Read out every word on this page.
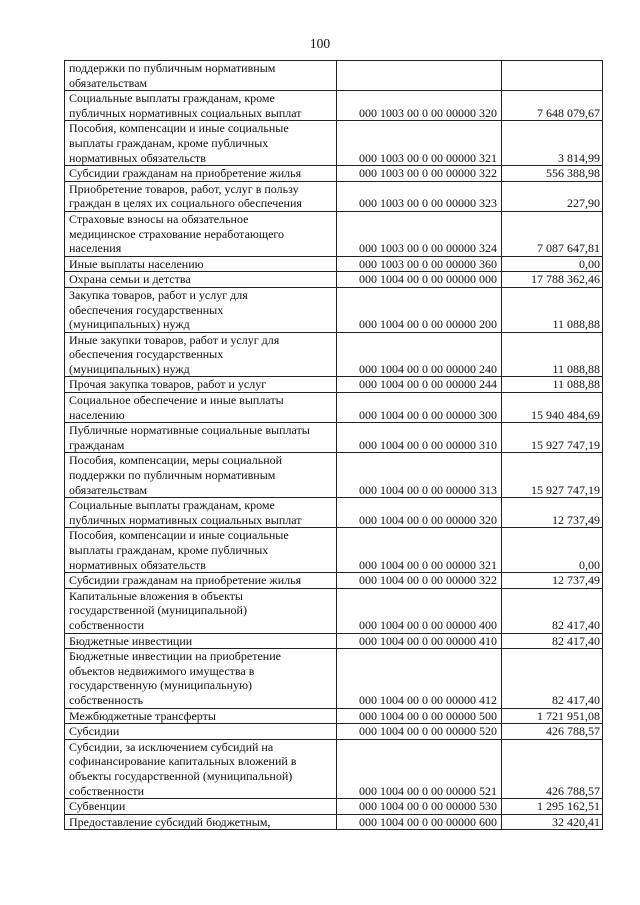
100
поддержки по публичным нормативным
обязательствам		
Социальные выплаты гражданам, кроме
публичных нормативных социальных выплат	000 1003 00 0 00 00000 320	7 648 079,67
Пособия, компенсации и иные социальные
выплаты гражданам, кроме публичных
нормативных обязательств	000 1003 00 0 00 00000 321	3 814,99
Субсидии гражданам на приобретение жилья	000 1003 00 0 00 00000 322	556 388,98
Приобретение товаров, работ, услуг в пользу
граждан в целях их социального обеспечения	000 1003 00 0 00 00000 323	227,90
Страховые взносы на обязательное
медицинское страхование неработающего
населения	000 1003 00 0 00 00000 324	7 087 647,81
Иные выплаты населению	000 1003 00 0 00 00000 360	0,00
Охрана семьи и детства	000 1004 00 0 00 00000 000	17 788 362,46
Закупка товаров, работ и услуг для
обеспечения государственных
(муниципальных) нужд	000 1004 00 0 00 00000 200	11 088,88
Иные закупки товаров, работ и услуг для
обеспечения государственных
(муниципальных) нужд	000 1004 00 0 00 00000 240	11 088,88
Прочая закупка товаров, работ и услуг	000 1004 00 0 00 00000 244	11 088,88
Социальное обеспечение и иные выплаты
населению	000 1004 00 0 00 00000 300	15 940 484,69
Публичные нормативные социальные выплаты
гражданам	000 1004 00 0 00 00000 310	15 927 747,19
Пособия, компенсации, меры социальной
поддержки по публичным нормативным
обязательствам	000 1004 00 0 00 00000 313	15 927 747,19
Социальные выплаты гражданам, кроме
публичных нормативных социальных выплат	000 1004 00 0 00 00000 320	12 737,49
Пособия, компенсации и иные социальные
выплаты гражданам, кроме публичных
нормативных обязательств	000 1004 00 0 00 00000 321	0,00
Субсидии гражданам на приобретение жилья	000 1004 00 0 00 00000 322	12 737,49
Капитальные вложения в объекты
государственной (муниципальной)
собственности	000 1004 00 0 00 00000 400	82 417,40
Бюджетные инвестиции	000 1004 00 0 00 00000 410	82 417,40
Бюджетные инвестиции на приобретение
объектов недвижимого имущества в
государственную (муниципальную)
собственность	000 1004 00 0 00 00000 412	82 417,40
Межбюджетные трансферты	000 1004 00 0 00 00000 500	1 721 951,08
Субсидии	000 1004 00 0 00 00000 520	426 788,57
Субсидии, за исключением субсидий на
софинансирование капитальных вложений в
объекты государственной (муниципальной)
собственности	000 1004 00 0 00 00000 521	426 788,57
Субвенции	000 1004 00 0 00 00000 530	1 295 162,51
Предоставление субсидий бюджетным,	000 1004 00 0 00 00000 600	32 420,41
